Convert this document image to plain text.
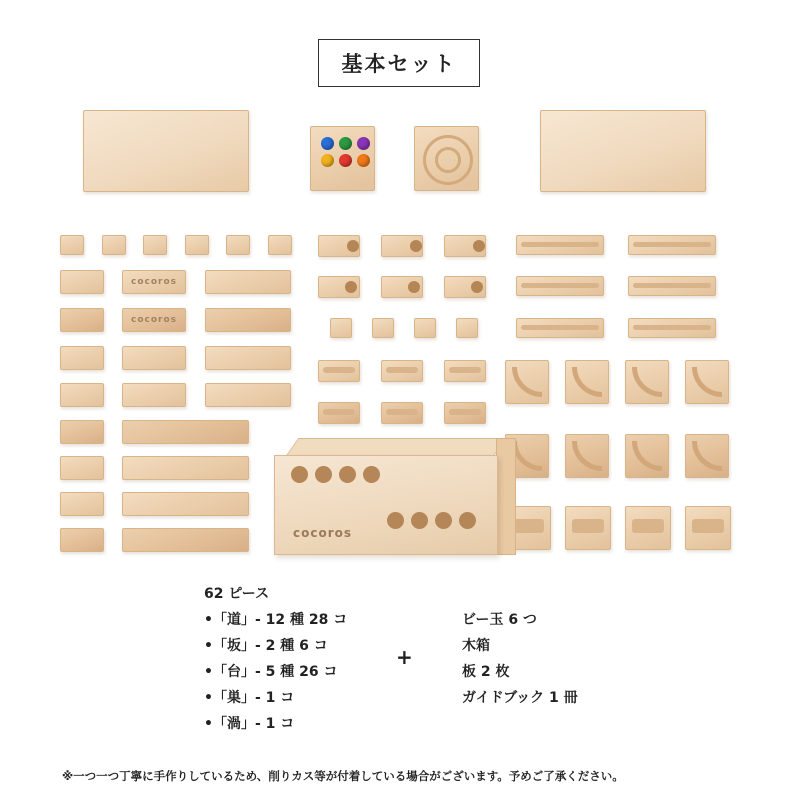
基本セット
cocoros
cocoros
cocoros
62 ピース
•「道」- 12 種 28 コ
•「坂」- 2 種 6 コ
•「台」- 5 種 26 コ
•「巣」- 1 コ
•「渦」- 1 コ
+
ビー玉 6 つ
木箱
板 2 枚
ガイドブック 1 冊
※一つ一つ丁寧に手作りしているため、削りカス等が付着している場合がございます。予めご了承ください。
